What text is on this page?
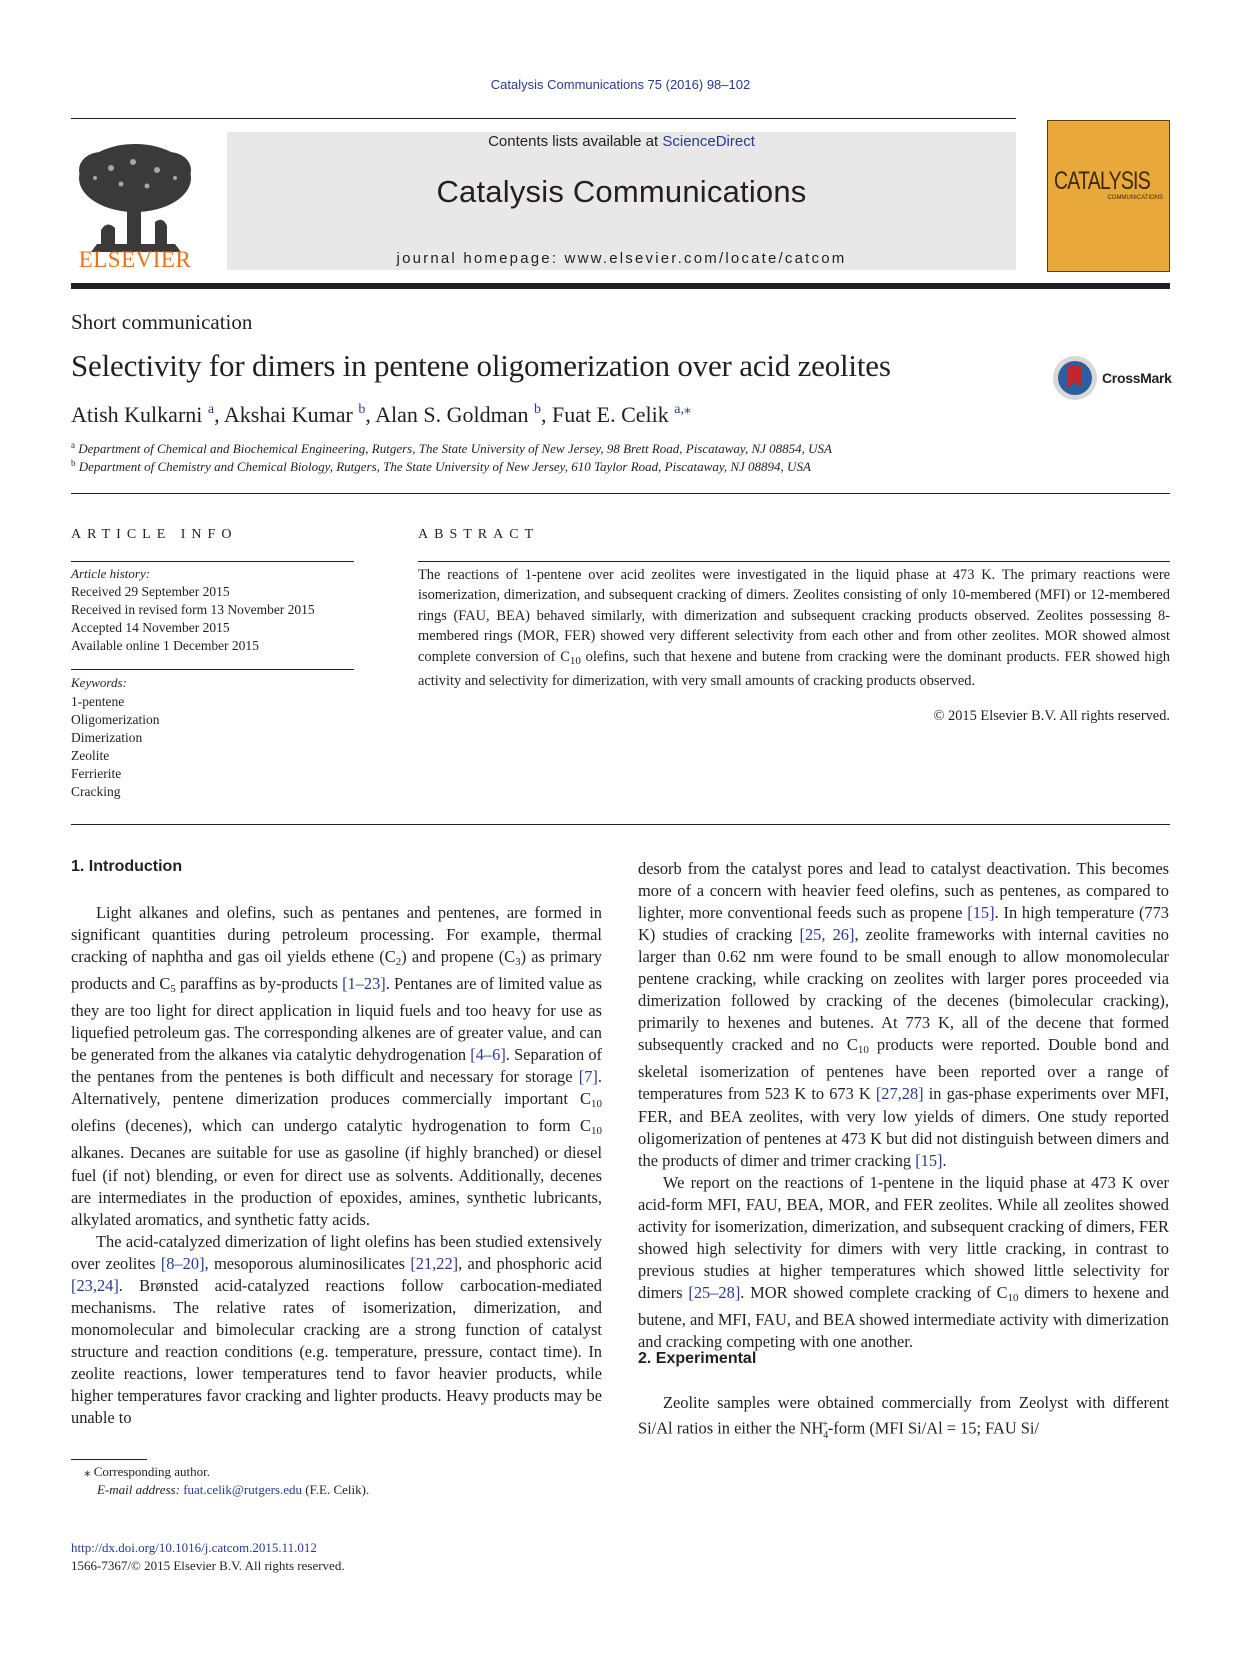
Catalysis Communications 75 (2016) 98–102
ELSEVIER
Contents lists available at ScienceDirect
Catalysis Communications
journal homepage: www.elsevier.com/locate/catcom
CATALYSIS
COMMUNICATIONS
Short communication
Selectivity for dimers in pentene oligomerization over acid zeolites	CrossMark
Atish Kulkarni $^a$, Akshai Kumar $^b$, Alan S. Goldman $^b$, Fuat E. Celik $^{a,⁎}$
$^a$ Department of Chemical and Biochemical Engineering, Rutgers, The State University of New Jersey, 98 Brett Road, Piscataway, NJ 08854, USA
$^b$ Department of Chemistry and Chemical Biology, Rutgers, The State University of New Jersey, 610 Taylor Road, Piscataway, NJ 08894, USA
ARTICLE INFO
Article history:
Received 29 September 2015
Received in revised form 13 November 2015
Accepted 14 November 2015
Available online 1 December 2015
Keywords:
1-pentene
Oligomerization
Dimerization
Zeolite
Ferrierite
Cracking
ABSTRACT
The reactions of 1-pentene over acid zeolites were investigated in the liquid phase at 473 K. The primary reactions were isomerization, dimerization, and subsequent cracking of dimers. Zeolites consisting of only 10-membered (MFI) or 12-membered rings (FAU, BEA) behaved similarly, with dimerization and subsequent cracking products observed. Zeolites possessing 8-membered rings (MOR, FER) showed very different selectivity from each other and from other zeolites. MOR showed almost complete conversion of $C_{10}$ olefins, such that hexene and butene from cracking were the dominant products. FER showed high activity and selectivity for dimerization, with very small amounts of cracking products observed.
© 2015 Elsevier B.V. All rights reserved.
1. Introduction

Light alkanes and olefins, such as pentanes and pentenes, are formed in significant quantities during petroleum processing. For example, thermal cracking of naphtha and gas oil yields ethene $(C_2)$ and propene $(C_3)$ as primary products and $C_5$ paraffins as by-products [1–23]. Pentanes are of limited value as they are too light for direct application in liquid fuels and too heavy for use as liquefied petroleum gas. The corresponding alkenes are of greater value, and can be generated from the alkanes via catalytic dehydrogenation [4–6]. Separation of the pentanes from the pentenes is both difficult and necessary for storage [7]. Alternatively, pentene dimerization produces commercially important $C_{10}$ olefins (decenes), which can undergo catalytic hydrogenation to form $C_{10}$ alkanes. Decanes are suitable for use as gasoline (if highly branched) or diesel fuel (if not) blending, or even for direct use as solvents. Additionally, decenes are intermediates in the production of epoxides, amines, synthetic lubricants, alkylated aromatics, and synthetic fatty acids.

The acid-catalyzed dimerization of light olefins has been studied extensively over zeolites [8–20], mesoporous aluminosilicates [21,22], and phosphoric acid [23,24]. Brønsted acid-catalyzed reactions follow carbocation-mediated mechanisms. The relative rates of isomerization, dimerization, and monomolecular and bimolecular cracking are a strong function of catalyst structure and reaction conditions (e.g. temperature, pressure, contact time). In zeolite reactions, lower temperatures tend to favor heavier products, while higher temperatures favor cracking and lighter products. Heavy products may be unable to

desorb from the catalyst pores and lead to catalyst deactivation. This becomes more of a concern with heavier feed olefins, such as pentenes, as compared to lighter, more conventional feeds such as propene [15]. In high temperature (773 K) studies of cracking [25, 26], zeolite frameworks with internal cavities no larger than 0.62 nm were found to be small enough to allow monomolecular pentene cracking, while cracking on zeolites with larger pores proceeded via dimerization followed by cracking of the decenes (bimolecular cracking), primarily to hexenes and butenes. At 773 K, all of the decene that formed subsequently cracked and no $C_{10}$ products were reported. Double bond and skeletal isomerization of pentenes have been reported over a range of temperatures from 523 K to 673 K [27,28] in gas-phase experiments over MFI, FER, and BEA zeolites, with very low yields of dimers. One study reported oligomerization of pentenes at 473 K but did not distinguish between dimers and the products of dimer and trimer cracking [15].

We report on the reactions of 1-pentene in the liquid phase at 473 K over acid-form MFI, FAU, BEA, MOR, and FER zeolites. While all zeolites showed activity for isomerization, dimerization, and subsequent cracking of dimers, FER showed high selectivity for dimers with very little cracking, in contrast to previous studies at higher temperatures which showed little selectivity for dimers [25–28]. MOR showed complete cracking of $C_{10}$ dimers to hexene and butene, and MFI, FAU, and BEA showed intermediate activity with dimerization and cracking competing with one another.

2. Experimental

Zeolite samples were obtained commercially from Zeolyst with different Si/Al ratios in either the $NH_4^+$-form (MFI Si/Al = 15; FAU Si/

⁎ Corresponding author.
E-mail address: fuat.celik@rutgers.edu (F.E. Celik).
http://dx.doi.org/10.1016/j.catcom.2015.11.012
1566-7367/© 2015 Elsevier B.V. All rights reserved.
